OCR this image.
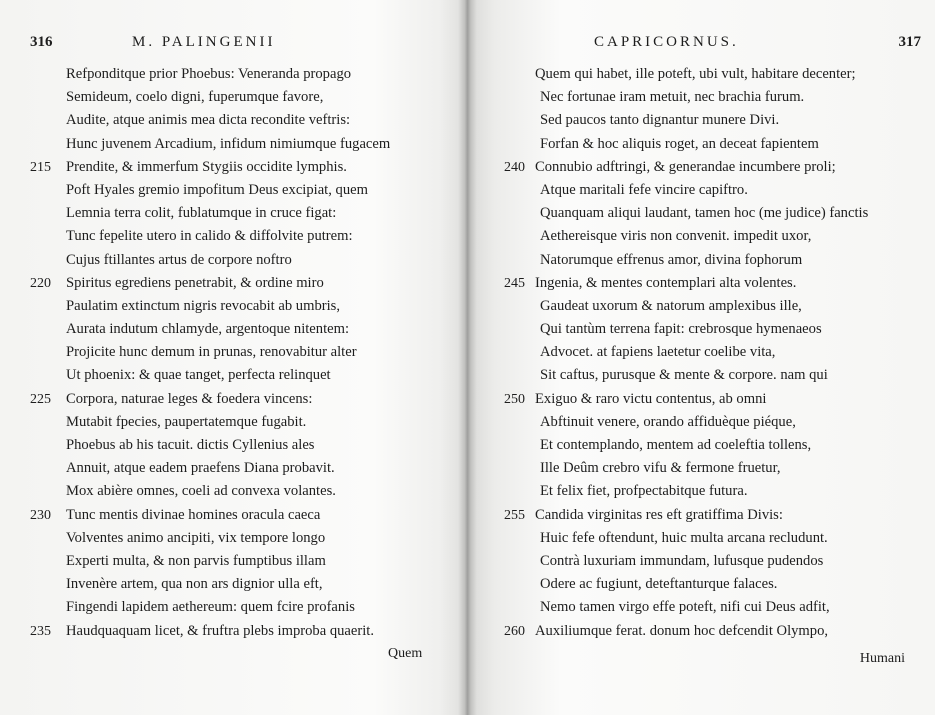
316	M. PALINGENII
Refponditque prior Phoebus: Veneranda propago
Semideum, coelo digni, fuperumque favore,
Audite, atque animis mea dicta recondite veftris:
Hunc juvenem Arcadium, infidum nimiumque fugacem
215 Prendite, & immerfum Stygiis occidite lymphis.
Poft Hyales gremio impofitum Deus excipiat, quem
Lemnia terra colit, fublatumque in cruce figat:
Tunc fepelite utero in calido & diffolvite putrem:
Cujus ftillantes artus de corpore noftro
220 Spiritus egrediens penetrabit, & ordine miro
Paulatim extinctum nigris revocabit ab umbris,
Aurata indutum chlamyde, argentoque nitentem:
Projicite hunc demum in prunas, renovabitur alter
Ut phoenix: & quae tanget, perfecta relinquet
225 Corpora, naturae leges & foedera vincens:
Mutabit fpecies, paupertatemque fugabit.
Phoebus ab his tacuit. dictis Cyllenius ales
Annuit, atque eadem praefens Diana probavit.
Mox abière omnes, coeli ad convexa volantes.
230 Tunc mentis divinae homines oracula caeca
Volventes animo ancipiti, vix tempore longo
Experti multa, & non parvis fumptibus illam
Invenère artem, qua non ars dignior ulla eft,
Fingendi lapidem aethereum: quem fcire profanis
235 Haudquaquam licet, & fruftra plebs improba quaerit.
Quem
CAPRICORNUS.	317
Quem qui habet, ille poteft, ubi vult, habitare decenter;
Nec fortunae iram metuit, nec brachia furum.
Sed paucos tanto dignantur munere Divi.
Forfan & hoc aliquis roget, an deceat fapientem
240 Connubio adftringi, & generandae incumbere proli;
Atque maritali fefe vincire capiftro.
Quanquam aliqui laudant, tamen hoc (me judice) fanctis
Aethereisque viris non convenit. impedit uxor,
Natorumque effrenus amor, divina fophorum
245 Ingenia, & mentes contemplari alta volentes.
Gaudeat uxorum & natorum amplexibus ille,
Qui tantùm terrena fapit: crebrosque hymenaeos
Advocet. at fapiens laetetur coelibe vita,
Sit caftus, purusque & mente & corpore. nam qui
250 Exiguo & raro victu contentus, ab omni
Abftinuit venere, orando affiduèque piéque,
Et contemplando, mentem ad coeleftia tollens,
Ille Deûm crebro vifu & fermone fruetur,
Et felix fiet, profpectabitque futura.
255 Candida virginitas res eft gratiffima Divis:
Huic fefe oftendunt, huic multa arcana recludunt.
Contrà luxuriam immundam, lufusque pudendos
Odere ac fugiunt, deteftanturque falaces.
Nemo tamen virgo effe poteft, nifi cui Deus adfit,
260 Auxiliumque ferat. donum hoc defcendit Olympo,
Humani
